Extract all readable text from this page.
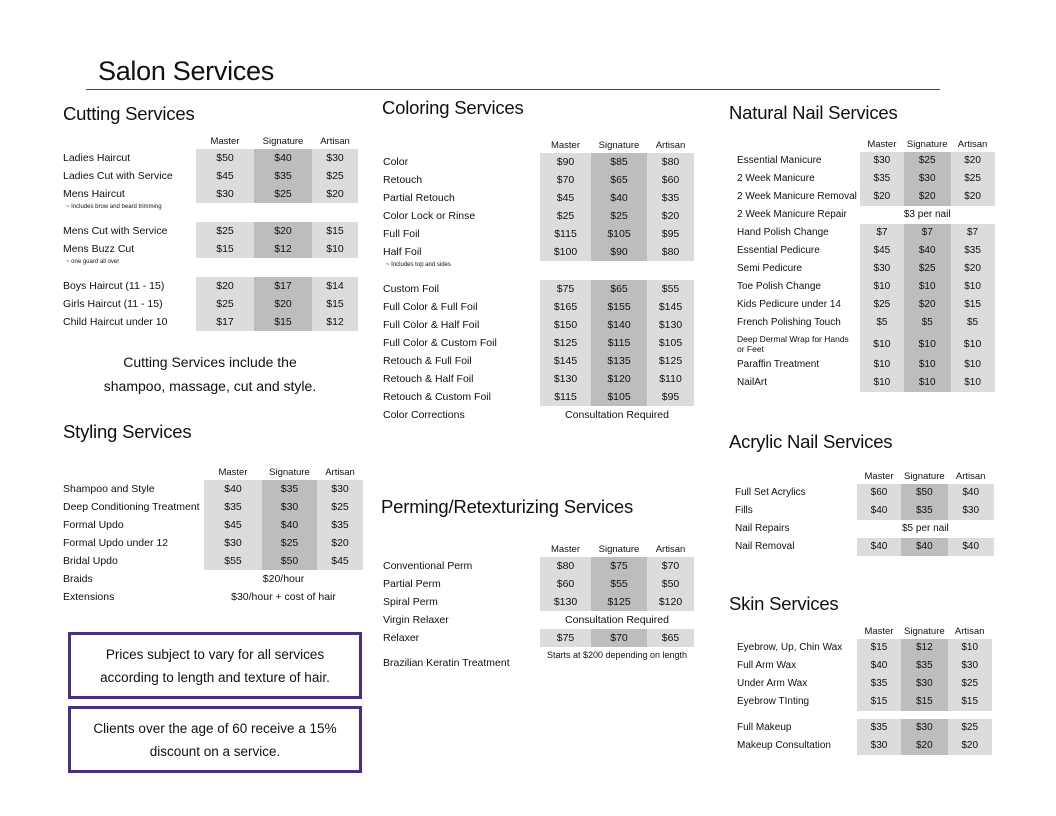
Salon Services
Cutting Services
	Master	Signature	Artisan
Ladies Haircut	$50	$40	$30
Ladies Cut with Service	$45	$35	$25
Mens Haircut	$30	$25	$20
~ Includes brow and beard trimming			

Mens Cut with Service	$25	$20	$15
Mens Buzz Cut	$15	$12	$10
~ one guard all over			

Boys Haircut (11 - 15)	$20	$17	$14
Girls Haircut (11 - 15)	$25	$20	$15
Child Haircut under 10	$17	$15	$12
Cutting Services include the
shampoo, massage, cut and style.
Styling Services
	Master	Signature	Artisan
Shampoo and Style	$40	$35	$30
Deep Conditioning Treatment	$35	$30	$25
Formal Updo	$45	$40	$35
Formal Updo under 12	$30	$25	$20
Bridal Updo	$55	$50	$45
Braids	$20/hour		
Extensions	$30/hour + cost of hair		
Prices subject to vary for all services
according to length and texture of hair.
Clients over the age of 60 receive a 15%
discount on a service.
Coloring Services
	Master	Signature	Artisan
Color	$90	$85	$80
Retouch	$70	$65	$60
Partial Retouch	$45	$40	$35
Color Lock or Rinse	$25	$25	$20
Full Foil	$115	$105	$95
Half Foil	$100	$90	$80
~ Includes top and sides			

Custom Foil	$75	$65	$55
Full Color & Full Foil	$165	$155	$145
Full Color & Half Foil	$150	$140	$130
Full Color & Custom Foil	$125	$115	$105
Retouch & Full Foil	$145	$135	$125
Retouch & Half Foil	$130	$120	$110
Retouch & Custom Foil	$115	$105	$95
Color Corrections	Consultation Required		
Perming/Retexturizing Services
	Master	Signature	Artisan
Conventional Perm	$80	$75	$70
Partial Perm	$60	$55	$50
Spiral Perm	$130	$125	$120
Virgin Relaxer	Consultation Required		
Relaxer	$75	$70	$65
Brazilian Keratin Treatment	Starts at $200 depending on length		
Natural Nail Services
	Master	Signature	Artisan
Essential Manicure	$30	$25	$20
2 Week Manicure	$35	$30	$25
2 Week Manicure Removal	$20	$20	$20
2 Week Manicure Repair	$3 per nail		
Hand Polish Change	$7	$7	$7
Essential Pedicure	$45	$40	$35
Semi Pedicure	$30	$25	$20
Toe Polish Change	$10	$10	$10
Kids Pedicure under 14	$25	$20	$15
French Polishing Touch	$5	$5	$5
Deep Dermal Wrap for Hands or Feet	$10	$10	$10
Paraffin Treatment	$10	$10	$10
NailArt	$10	$10	$10
Acrylic Nail Services
	Master	Signature	Artisan
Full Set Acrylics	$60	$50	$40
Fills	$40	$35	$30
Nail Repairs	$5 per nail		
Nail Removal	$40	$40	$40
Skin Services
	Master	Signature	Artisan
Eyebrow, Up, Chin Wax	$15	$12	$10
Full Arm Wax	$40	$35	$30
Under Arm Wax	$35	$30	$25
Eyebrow TInting	$15	$15	$15

Full Makeup	$35	$30	$25
Makeup Consultation	$30	$20	$20
